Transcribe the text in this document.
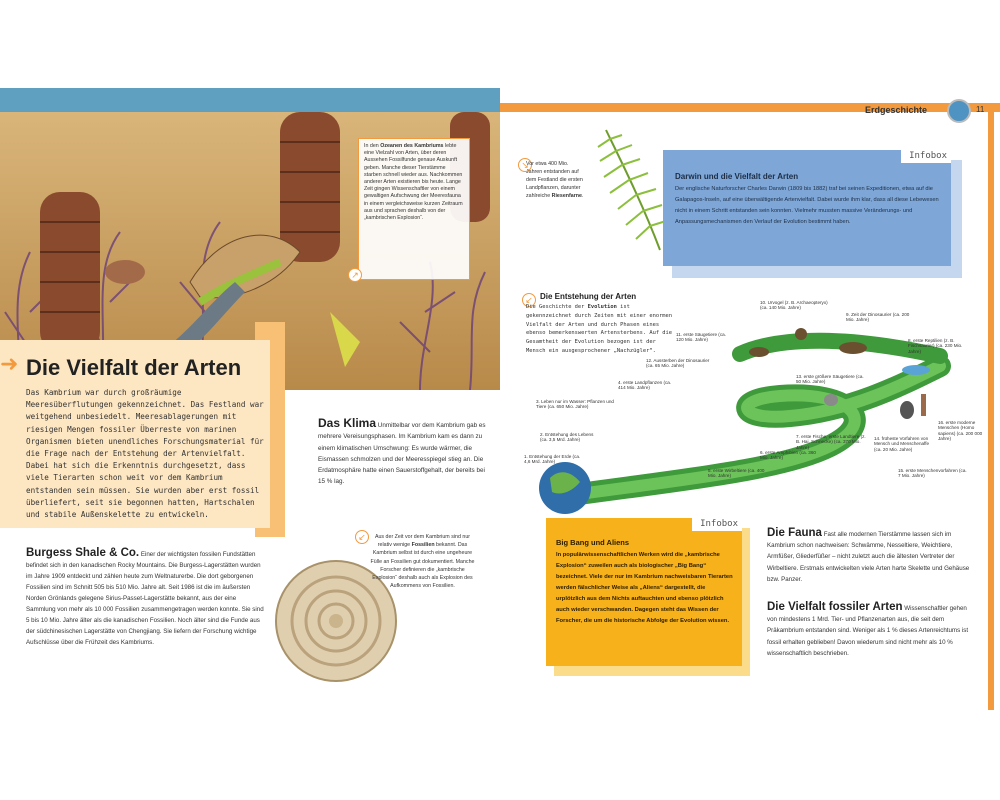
Erdgeschichte	11

In den Ozeanen des Kambriums lebte eine Vielzahl von Arten, über deren Aussehen Fossilfunde genaue Auskunft geben. Manche dieser Tierstämme starben schnell wieder aus. Nachkommen anderer Arten existieren bis heute. Lange Zeit gingen Wissenschaftler von einem gewaltigen Aufschwung der Meeresfauna in einem vergleichsweise kurzen Zeitraum aus und sprachen deshalb von der „kambrischen Explosion“.

↗
➜ Die Vielfalt der Arten
Das Kambrium war durch großräumige Meeresüberflutungen gekennzeichnet. Das Festland war weitgehend unbesiedelt. Meeresablagerungen mit riesigen Mengen fossiler Überreste von marinen Organismen bieten unendliches Forschungsmaterial für die Frage nach der Entstehung der Artenvielfalt. Dabei hat sich die Erkenntnis durchgesetzt, dass viele Tierarten schon weit vor dem Kambrium entstanden sein müssen. Sie wurden aber erst fossil überliefert, seit sie begonnen hatten, Hartschalen und stabile Außenskelette zu entwickeln.
Das Klima Unmittelbar vor dem Kambrium gab es mehrere Vereisungsphasen. Im Kambrium kam es dann zu einem klimatischen Umschwung: Es wurde wärmer, die Eismassen schmolzen und der Meeresspiegel stieg an. Die Erdatmosphäre hatte einen Sauerstoffgehalt, der bereits bei 15 % lag.
Burgess Shale & Co. Einer der wichtigsten fossilen Fundstätten befindet sich in den kanadischen Rocky Mountains. Die Burgess-Lagerstätten wurden im Jahre 1909 entdeckt und zählen heute zum Weltnaturerbe. Die dort geborgenen Fossilien sind im Schnitt 505 bis 510 Mio. Jahre alt. Seit 1986 ist die im äußersten Norden Grönlands gelegene Sirius-Passet-Lagerstätte bekannt, aus der eine Sammlung von mehr als 10 000 Fossilien zusammengetragen werden konnte. Sie sind 5 bis 10 Mio. Jahre älter als die kanadischen Fossilien. Noch älter sind die Funde aus der südchinesischen Lagerstätte von Chengjiang. Sie liefern der Forschung wichtige Aufschlüsse über die Frühzeit des Kambriums.
↙	Aus der Zeit vor dem Kambrium sind nur relativ wenige Fossilien bekannt. Das Kambrium selbst ist durch eine ungeheure Fülle an Fossilien gut dokumentiert. Manche Forscher definieren die „kambrische Explosion“ deshalb auch als Explosion des Aufkommens von Fossilien.
↘
Vor etwa 400 Mio. Jahren entstanden auf dem Festland die ersten Landpflanzen, darunter zahlreiche Riesenfarne.
Infobox
Darwin und die Vielfalt der Arten
Der englische Naturforscher Charles Darwin (1809 bis 1882) traf bei seinen Expeditionen, etwa auf die Galapagos-Inseln, auf eine überwältigende Artenvielfalt. Dabei wurde ihm klar, dass all diese Lebewesen nicht in einem Schritt entstanden sein konnten. Vielmehr mussten massive Veränderungs- und Anpassungsmechanismen den Verlauf der Evolution bestimmt haben.
↙ Die Entstehung der Arten
Die Geschichte der Evolution ist gekennzeichnet durch Zeiten mit einer enormen Vielfalt der Arten und durch Phasen eines ebenso bemerkenswerten Artensterbens. Auf die Gesamtheit der Evolution bezogen ist der Mensch ein ausgesprochener „Nachzügler“.
1. Entstehung der Erde (ca. 4,6 Mrd. Jahre)
2. Entstehung des Lebens (ca. 3,5 Mrd. Jahre)
3. Leben nur im Wasser: Pflanzen und Tiere (ca. 650 Mio. Jahre)
4. erste Landpflanzen (ca. 414 Mio. Jahre)
5. erste Wirbeltiere (ca. 400 Mio. Jahre)
6. erste Amphibien (ca. 360 Mio. Jahre)
7. erste Fische, erste Landtiere (z. B. Hai, Schnecke) (ca. 370 Mio. Jahre)
8. erste Reptilien (z. B. Fischsaurier) (ca. 230 Mio. Jahre)
9. Zeit der Dinosaurier (ca. 200 Mio. Jahre)
10. Urvogel (z. B. Archaeopteryx) (ca. 140 Mio. Jahre)
11. erste Säugetiere (ca. 120 Mio. Jahre)
12. Aussterben der Dinosaurier (ca. 65 Mio. Jahre)
13. erste größere Säugetiere (ca. 50 Mio. Jahre)
14. früheste Vorfahren von Mensch und Menschenaffe (ca. 20 Mio. Jahre)
15. erste Menschenvorfahren (ca. 7 Mio. Jahre)
16. erste moderne Menschen (Homo sapiens) (ca. 200 000 Jahre)
Infobox
Big Bang und Aliens
In populärwissenschaftlichen Werken wird die „kambrische Explosion“ zuweilen auch als biologischer „Big Bang“ bezeichnet. Viele der nur im Kambrium nachweisbaren Tierarten werden fälschlicher Weise als „Aliens“ dargestellt, die urplötzlich aus dem Nichts auftauchten und ebenso plötzlich auch wieder verschwanden. Dagegen steht das Wissen der Forscher, die um die historische Abfolge der Evolution wissen.
Die Fauna Fast alle modernen Tierstämme lassen sich im Kambrium schon nachweisen: Schwämme, Nesseltiere, Weichtiere, Armfüßer, Gliederfüßer – nicht zuletzt auch die ältesten Vertreter der Wirbeltiere. Erstmals entwickelten viele Arten harte Skelette und Gehäuse bzw. Panzer.
Die Vielfalt fossiler Arten Wissenschaftler gehen von mindestens 1 Mrd. Tier- und Pflanzenarten aus, die seit dem Präkambrium entstanden sind. Weniger als 1 % dieses Artenreichtums ist fossil erhalten geblieben! Davon wiederum sind nicht mehr als 10 % wissenschaftlich beschrieben.
